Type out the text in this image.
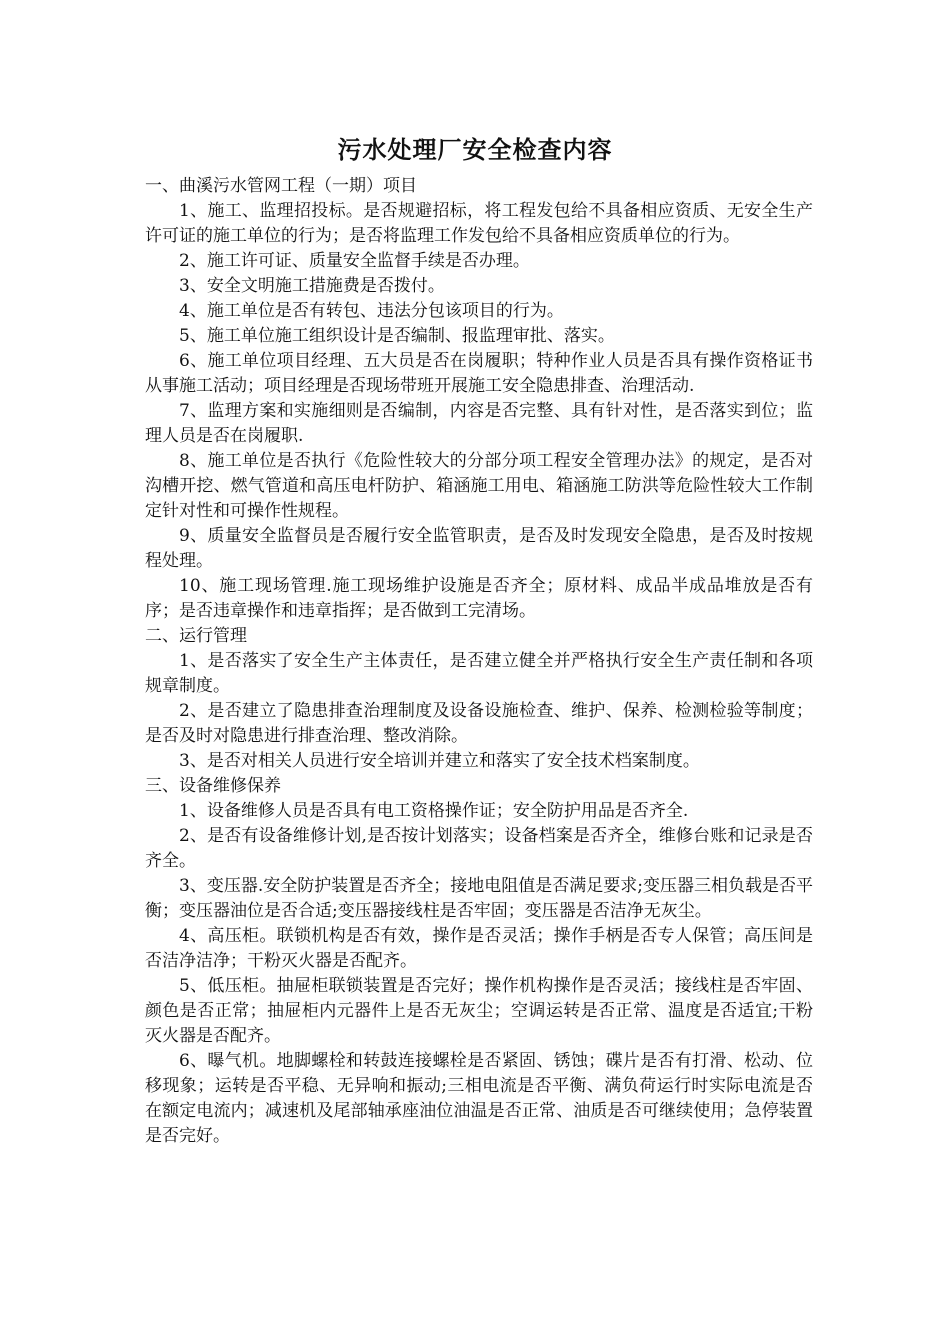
污水处理厂安全检查内容

一、曲溪污水管网工程（一期）项目

1、施工、监理招投标。是否规避招标，将工程发包给不具备相应资质、无安全生产许可证的施工单位的行为；是否将监理工作发包给不具备相应资质单位的行为。

2、施工许可证、质量安全监督手续是否办理。

3、安全文明施工措施费是否拨付。

4、施工单位是否有转包、违法分包该项目的行为。

5、施工单位施工组织设计是否编制、报监理审批、落实。

6、施工单位项目经理、五大员是否在岗履职；特种作业人员是否具有操作资格证书从事施工活动；项目经理是否现场带班开展施工安全隐患排查、治理活动.

7、监理方案和实施细则是否编制，内容是否完整、具有针对性，是否落实到位；监理人员是否在岗履职.

8、施工单位是否执行《危险性较大的分部分项工程安全管理办法》的规定，是否对沟槽开挖、燃气管道和高压电杆防护、箱涵施工用电、箱涵施工防洪等危险性较大工作制定针对性和可操作性规程。

9、质量安全监督员是否履行安全监管职责，是否及时发现安全隐患，是否及时按规程处理。

10、施工现场管理.施工现场维护设施是否齐全；原材料、成品半成品堆放是否有序；是否违章操作和违章指挥；是否做到工完清场。

二、运行管理

1、是否落实了安全生产主体责任，是否建立健全并严格执行安全生产责任制和各项规章制度。

2、是否建立了隐患排查治理制度及设备设施检查、维护、保养、检测检验等制度；是否及时对隐患进行排查治理、整改消除。

3、是否对相关人员进行安全培训并建立和落实了安全技术档案制度。

三、设备维修保养

1、设备维修人员是否具有电工资格操作证；安全防护用品是否齐全.

2、是否有设备维修计划,是否按计划落实；设备档案是否齐全，维修台账和记录是否齐全。

3、变压器.安全防护装置是否齐全；接地电阻值是否满足要求;变压器三相负载是否平衡；变压器油位是否合适;变压器接线柱是否牢固；变压器是否洁净无灰尘。

4、高压柜。联锁机构是否有效，操作是否灵活；操作手柄是否专人保管；高压间是否洁净洁净；干粉灭火器是否配齐。

5、低压柜。抽屉柜联锁装置是否完好；操作机构操作是否灵活；接线柱是否牢固、颜色是否正常；抽屉柜内元器件上是否无灰尘；空调运转是否正常、温度是否适宜;干粉灭火器是否配齐。

6、曝气机。地脚螺栓和转鼓连接螺栓是否紧固、锈蚀；碟片是否有打滑、松动、位移现象；运转是否平稳、无异响和振动;三相电流是否平衡、满负荷运行时实际电流是否在额定电流内；减速机及尾部轴承座油位油温是否正常、油质是否可继续使用；急停装置是否完好。
